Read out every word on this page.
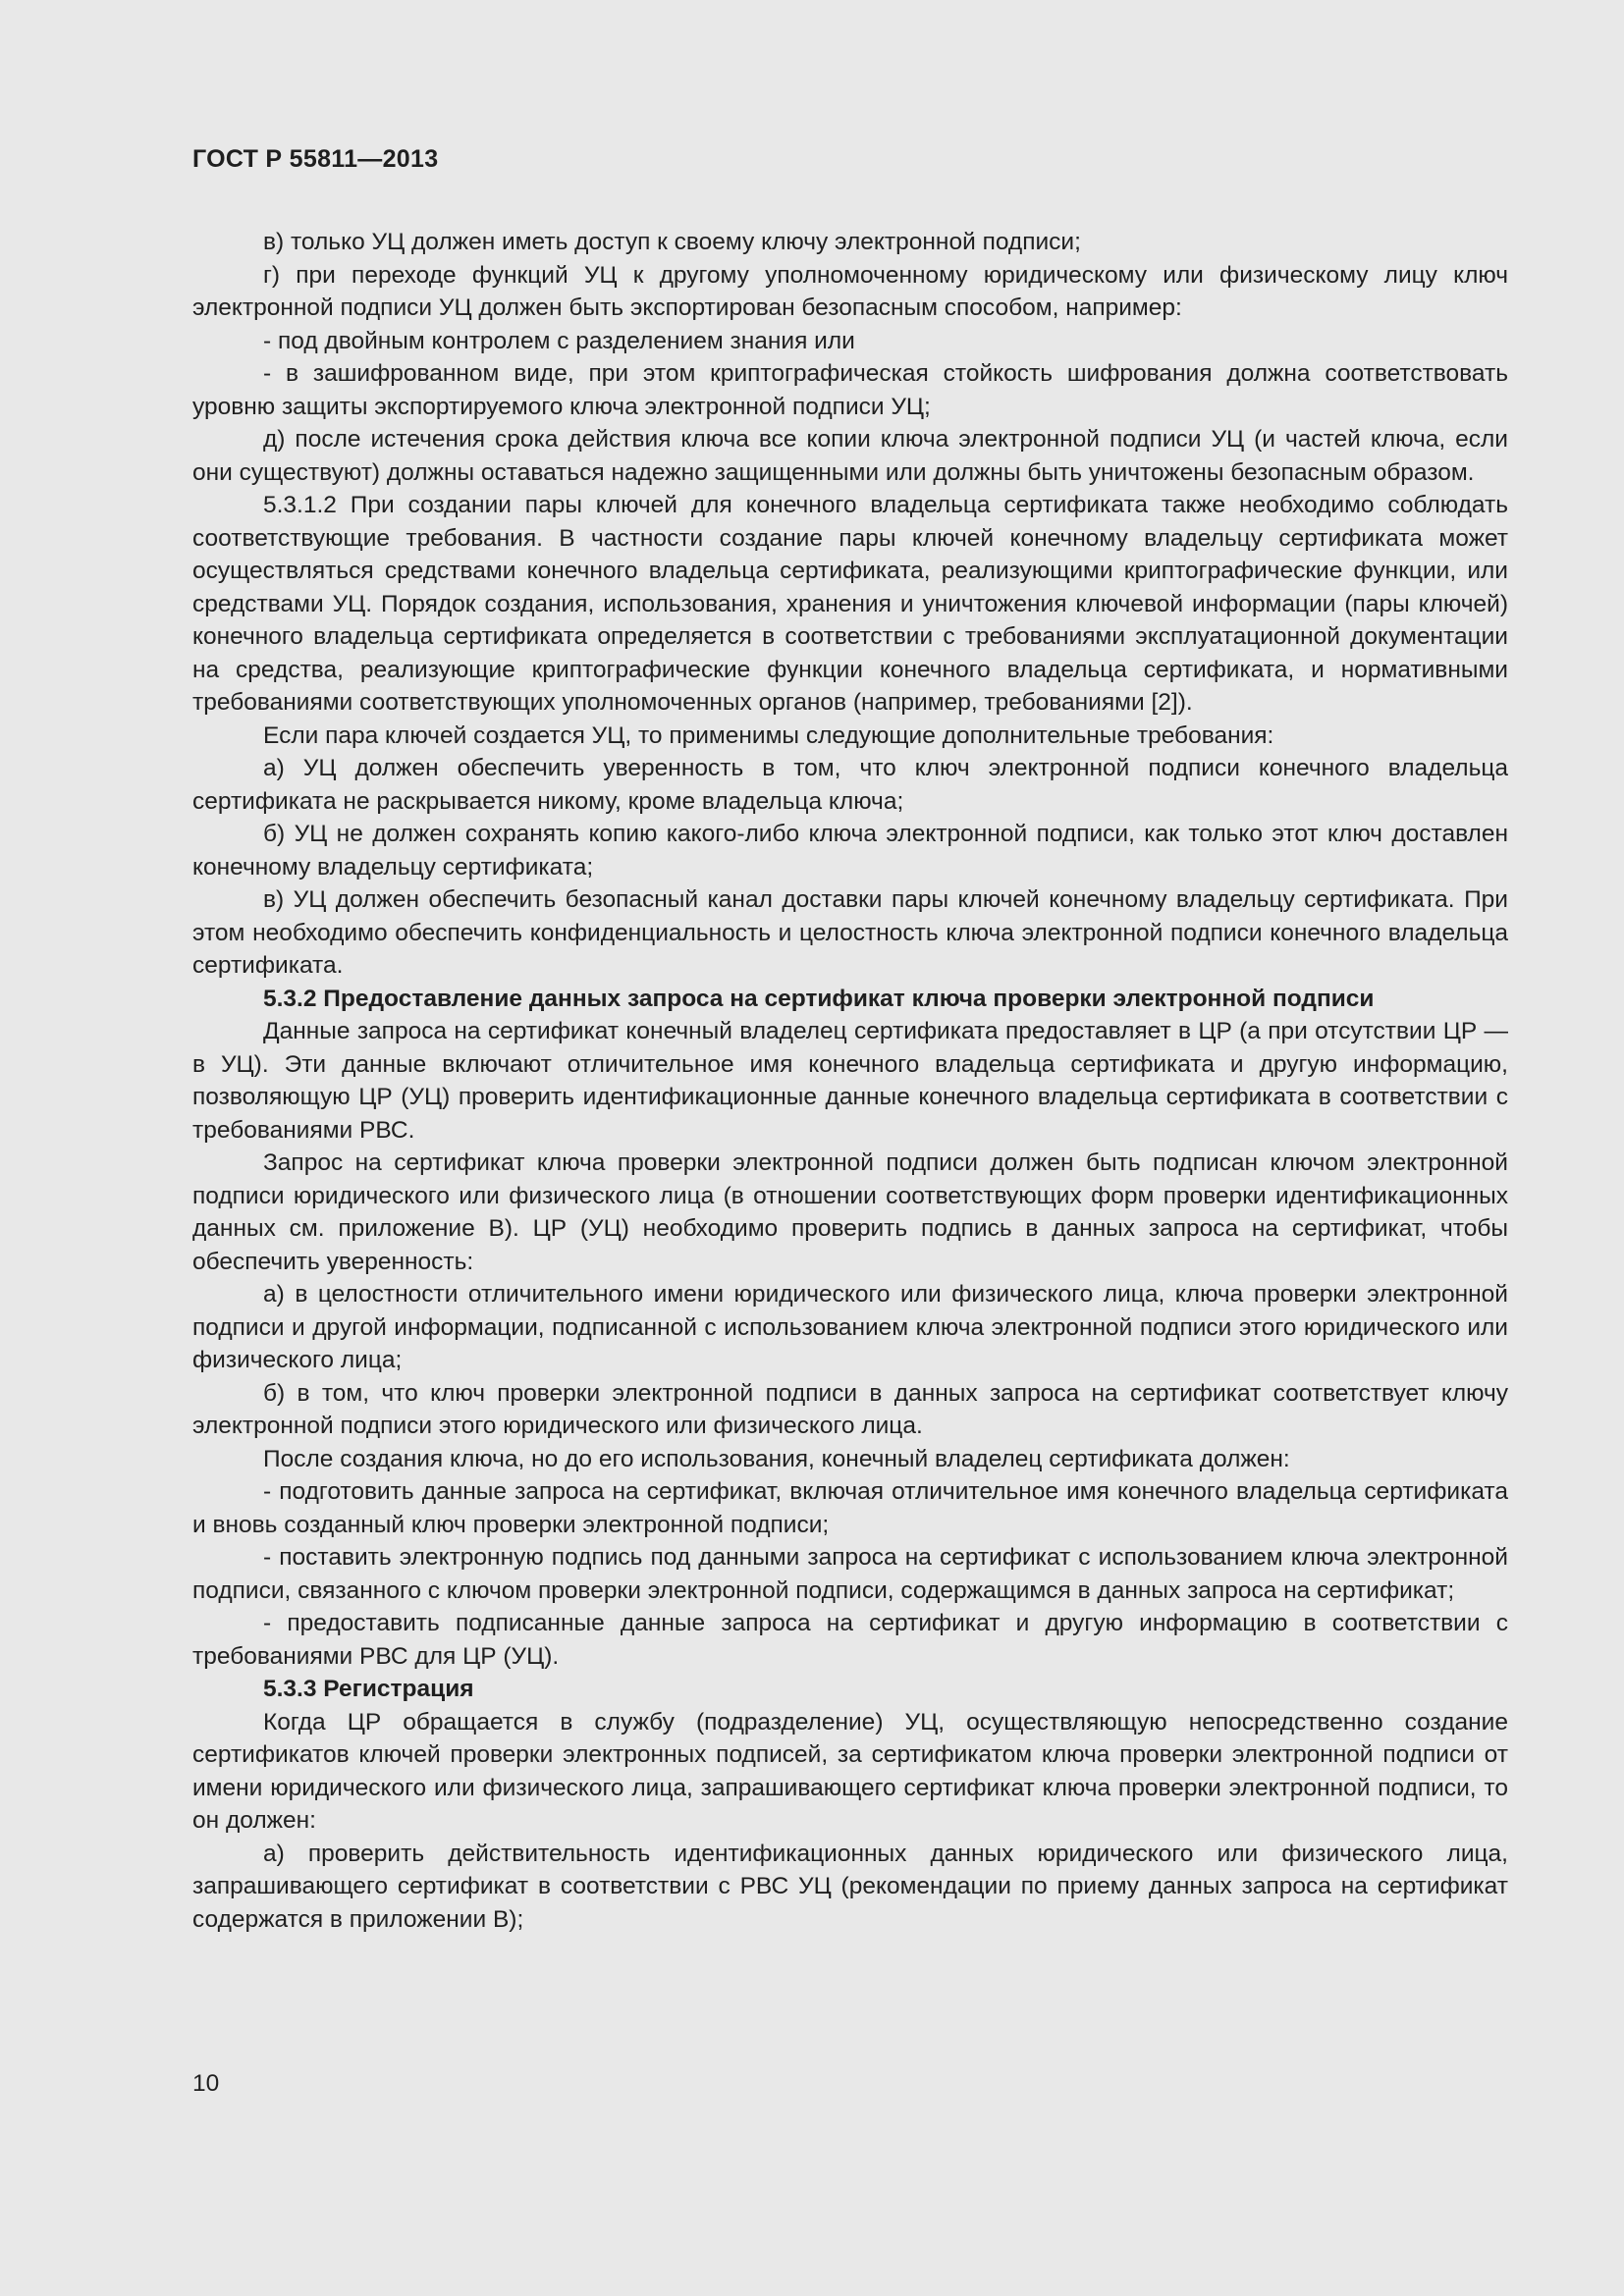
ГОСТ Р 55811—2013

в) только УЦ должен иметь доступ к своему ключу электронной подписи;

г) при переходе функций УЦ к другому уполномоченному юридическому или физическому лицу ключ электронной подписи УЦ должен быть экспортирован безопасным способом, например:

- под двойным контролем с разделением знания или

- в зашифрованном виде, при этом криптографическая стойкость шифрования должна соответствовать уровню защиты экспортируемого ключа электронной подписи УЦ;

д) после истечения срока действия ключа все копии ключа электронной подписи УЦ (и частей ключа, если они существуют) должны оставаться надежно защищенными или должны быть уничтожены безопасным образом.

5.3.1.2 При создании пары ключей для конечного владельца сертификата также необходимо соблюдать соответствующие требования. В частности создание пары ключей конечному владельцу сертификата может осуществляться средствами конечного владельца сертификата, реализующими криптографические функции, или средствами УЦ. Порядок создания, использования, хранения и уничтожения ключевой информации (пары ключей) конечного владельца сертификата определяется в соответствии с требованиями эксплуатационной документации на средства, реализующие криптографические функции конечного владельца сертификата, и нормативными требованиями соответствующих уполномоченных органов (например, требованиями [2]).

Если пара ключей создается УЦ, то применимы следующие дополнительные требования:

а) УЦ должен обеспечить уверенность в том, что ключ электронной подписи конечного владельца сертификата не раскрывается никому, кроме владельца ключа;

б) УЦ не должен сохранять копию какого-либо ключа электронной подписи, как только этот ключ доставлен конечному владельцу сертификата;

в) УЦ должен обеспечить безопасный канал доставки пары ключей конечному владельцу сертификата. При этом необходимо обеспечить конфиденциальность и целостность ключа электронной подписи конечного владельца сертификата.

5.3.2 Предоставление данных запроса на сертификат ключа проверки электронной подписи

Данные запроса на сертификат конечный владелец сертификата предоставляет в ЦР (а при отсутствии ЦР — в УЦ). Эти данные включают отличительное имя конечного владельца сертификата и другую информацию, позволяющую ЦР (УЦ) проверить идентификационные данные конечного владельца сертификата в соответствии с требованиями РВС.

Запрос на сертификат ключа проверки электронной подписи должен быть подписан ключом электронной подписи юридического или физического лица (в отношении соответствующих форм проверки идентификационных данных см. приложение В). ЦР (УЦ) необходимо проверить подпись в данных запроса на сертификат, чтобы обеспечить уверенность:

а) в целостности отличительного имени юридического или физического лица, ключа проверки электронной подписи и другой информации, подписанной с использованием ключа электронной подписи этого юридического или физического лица;

б) в том, что ключ проверки электронной подписи в данных запроса на сертификат соответствует ключу электронной подписи этого юридического или физического лица.

После создания ключа, но до его использования, конечный владелец сертификата должен:

- подготовить данные запроса на сертификат, включая отличительное имя конечного владельца сертификата и вновь созданный ключ проверки электронной подписи;

- поставить электронную подпись под данными запроса на сертификат с использованием ключа электронной подписи, связанного с ключом проверки электронной подписи, содержащимся в данных запроса на сертификат;

- предоставить подписанные данные запроса на сертификат и другую информацию в соответствии с требованиями РВС для ЦР (УЦ).

5.3.3 Регистрация

Когда ЦР обращается в службу (подразделение) УЦ, осуществляющую непосредственно создание сертификатов ключей проверки электронных подписей, за сертификатом ключа проверки электронной подписи от имени юридического или физического лица, запрашивающего сертификат ключа проверки электронной подписи, то он должен:

а) проверить действительность идентификационных данных юридического или физического лица, запрашивающего сертификат в соответствии с РВС УЦ (рекомендации по приему данных запроса на сертификат содержатся в приложении В);

10
